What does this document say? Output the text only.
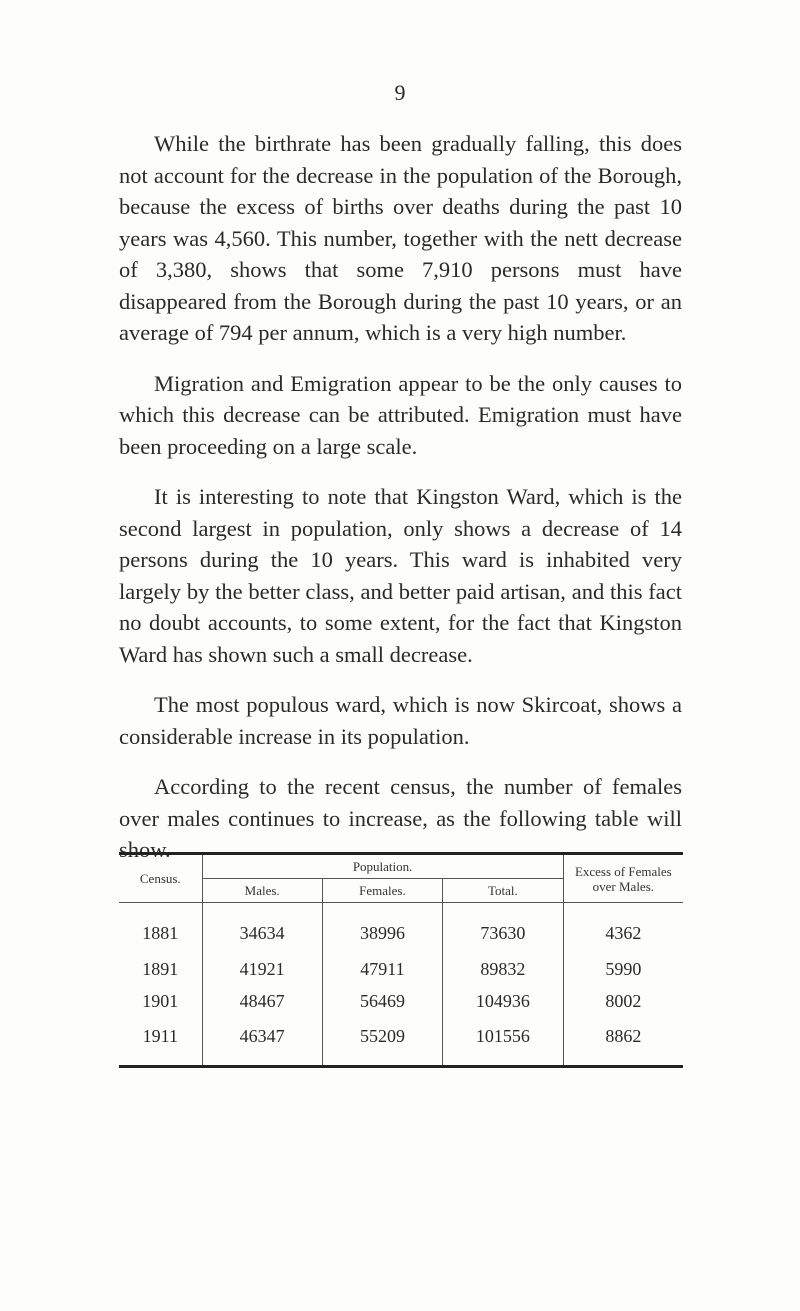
9

While the birthrate has been gradually falling, this does not account for the decrease in the population of the Borough, because the excess of births over deaths during the past 10 years was 4,560. This number, together with the nett decrease of 3,380, shows that some 7,910 persons must have disappeared from the Borough during the past 10 years, or an average of 794 per annum, which is a very high number.

Migration and Emigration appear to be the only causes to which this decrease can be attributed. Emigration must have been proceeding on a large scale.

It is interesting to note that Kingston Ward, which is the second largest in population, only shows a decrease of 14 persons during the 10 years. This ward is inhabited very largely by the better class, and better paid artisan, and this fact no doubt accounts, to some extent, for the fact that Kingston Ward has shown such a small decrease.

The most populous ward, which is now Skircoat, shows a considerable increase in its population.

According to the recent census, the number of females over males continues to increase, as the following table will show.

Census.	Population.			Excess of Females over Males.
	Males.	Females.	Total.	
1881	34634	38996	73630	4362
1891	41921	47911	89832	5990
1901	48467	56469	104936	8002
1911	46347	55209	101556	8862
